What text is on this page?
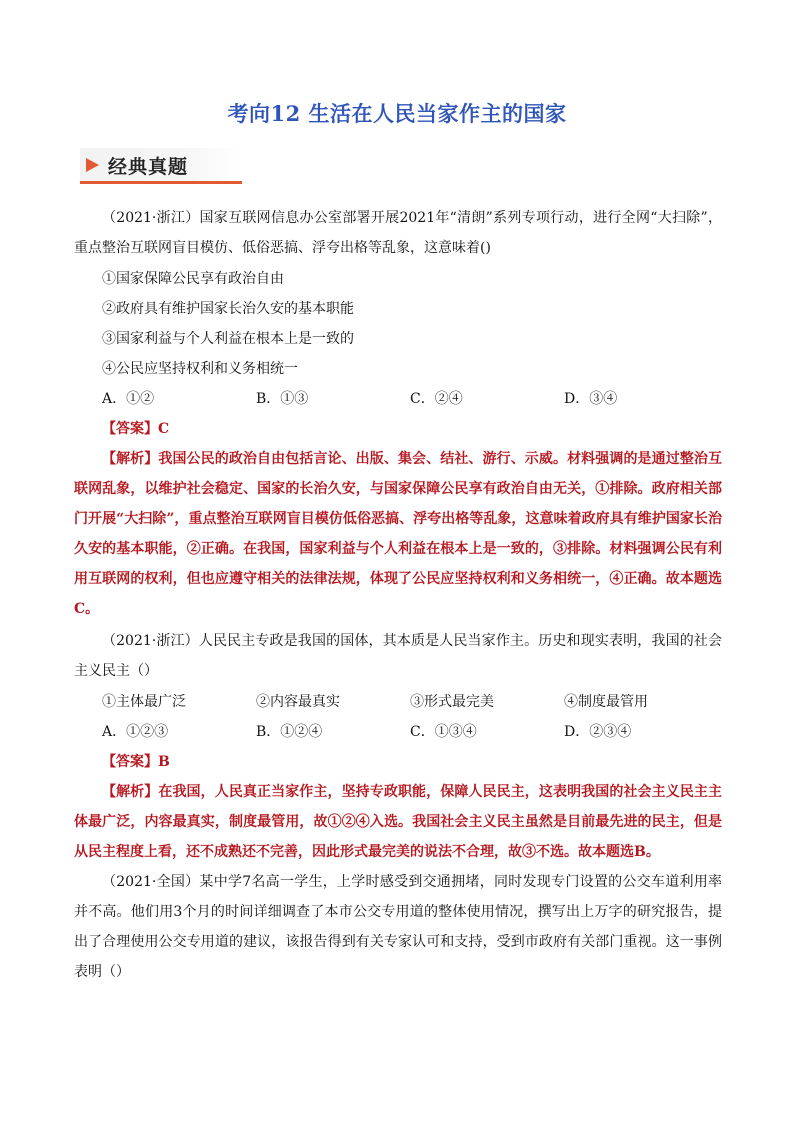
考向12 生活在人民当家作主的国家
经典真题
（2021·浙江）国家互联网信息办公室部署开展2021年“清朗”系列专项行动，进行全网“大扫除”，重点整治互联网盲目模仿、低俗恶搞、浮夸出格等乱象，这意味着()
①国家保障公民享有政治自由
②政府具有维护国家长治久安的基本职能
③国家利益与个人利益在根本上是一致的
④公民应坚持权利和义务相统一
A．①②	B．①③	C．②④	D．③④
【答案】C
【解析】我国公民的政治自由包括言论、出版、集会、结社、游行、示威。材料强调的是通过整治互联网乱象，以维护社会稳定、国家的长治久安，与国家保障公民享有政治自由无关，①排除。政府相关部门开展“大扫除”，重点整治互联网盲目模仿低俗恶搞、浮夸出格等乱象，这意味着政府具有维护国家长治久安的基本职能，②正确。在我国，国家利益与个人利益在根本上是一致的，③排除。材料强调公民有利用互联网的权利，但也应遵守相关的法律法规，体现了公民应坚持权利和义务相统一，④正确。故本题选C。
（2021·浙江）人民民主专政是我国的国体，其本质是人民当家作主。历史和现实表明，我国的社会主义民主（）
①主体最广泛	②内容最真实	③形式最完美	④制度最管用
A．①②③	B．①②④	C．①③④	D．②③④
【答案】B
【解析】在我国，人民真正当家作主，坚持专政职能，保障人民民主，这表明我国的社会主义民主主体最广泛，内容最真实，制度最管用，故①②④入选。我国社会主义民主虽然是目前最先进的民主，但是从民主程度上看，还不成熟还不完善，因此形式最完美的说法不合理，故③不选。故本题选B。
（2021·全国）某中学7名高一学生，上学时感受到交通拥堵，同时发现专门设置的公交车道利用率并不高。他们用3个月的时间详细调查了本市公交专用道的整体使用情况，撰写出上万字的研究报告，提出了合理使用公交专用道的建议，该报告得到有关专家认可和支持，受到市政府有关部门重视。这一事例表明（）
